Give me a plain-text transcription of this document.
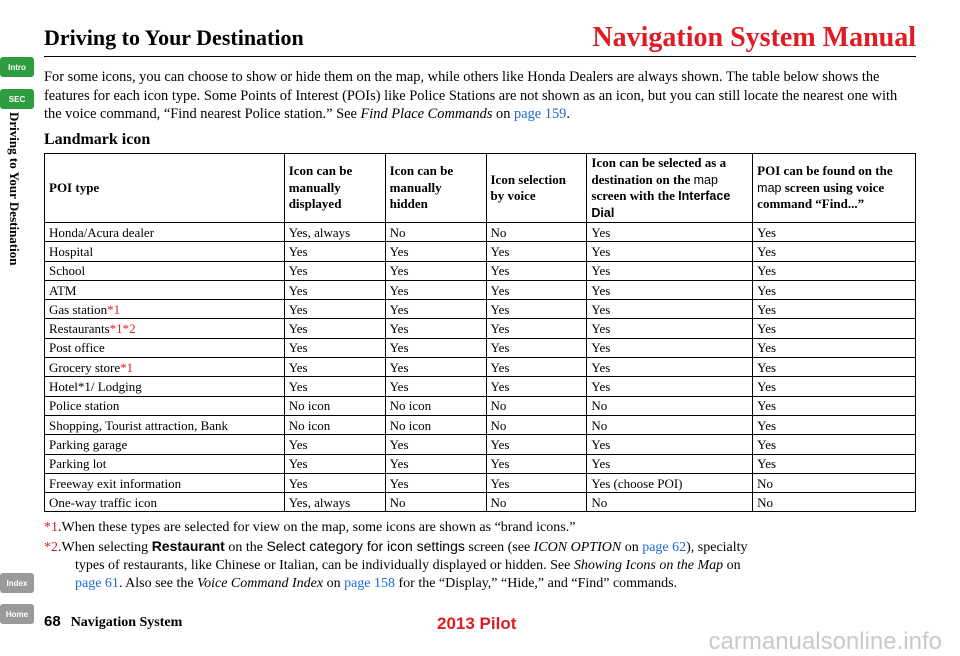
Intro
SEC
Driving to Your Destination
Index
Home
Driving to Your Destination	Navigation System Manual
For some icons, you can choose to show or hide them on the map, while others like Honda Dealers are always shown. The table below shows the features for each icon type. Some Points of Interest (POIs) like Police Stations are not shown as an icon, but you can still locate the nearest one with the voice command, “Find nearest Police station.” See Find Place Commands on page 159.
Landmark icon
POI type	Icon can be manually displayed	Icon can be manually hidden	Icon selection by voice	Icon can be selected as a destination on the map screen with the Interface Dial	POI can be found on the map screen using voice command “Find...”
Honda/Acura dealer	Yes, always	No	No	Yes	Yes
Hospital	Yes	Yes	Yes	Yes	Yes
School	Yes	Yes	Yes	Yes	Yes
ATM	Yes	Yes	Yes	Yes	Yes
Gas station*1	Yes	Yes	Yes	Yes	Yes
Restaurants*1*2	Yes	Yes	Yes	Yes	Yes
Post office	Yes	Yes	Yes	Yes	Yes
Grocery store*1	Yes	Yes	Yes	Yes	Yes
Hotel*1/ Lodging	Yes	Yes	Yes	Yes	Yes
Police station	No icon	No icon	No	No	Yes
Shopping, Tourist attraction, Bank	No icon	No icon	No	No	Yes
Parking garage	Yes	Yes	Yes	Yes	Yes
Parking lot	Yes	Yes	Yes	Yes	Yes
Freeway exit information	Yes	Yes	Yes	Yes (choose POI)	No
One-way traffic icon	Yes, always	No	No	No	No
*1.When these types are selected for view on the map, some icons are shown as “brand icons.”
*2.When selecting Restaurant on the Select category for icon settings screen (see ICON OPTION on page 62), specialty
types of restaurants, like Chinese or Italian, can be individually displayed or hidden. See Showing Icons on the Map on
page 61. Also see the Voice Command Index on page 158 for the “Display,” “Hide,” and “Find” commands.
68 Navigation System	2013 Pilot
carmanualsonline.info
